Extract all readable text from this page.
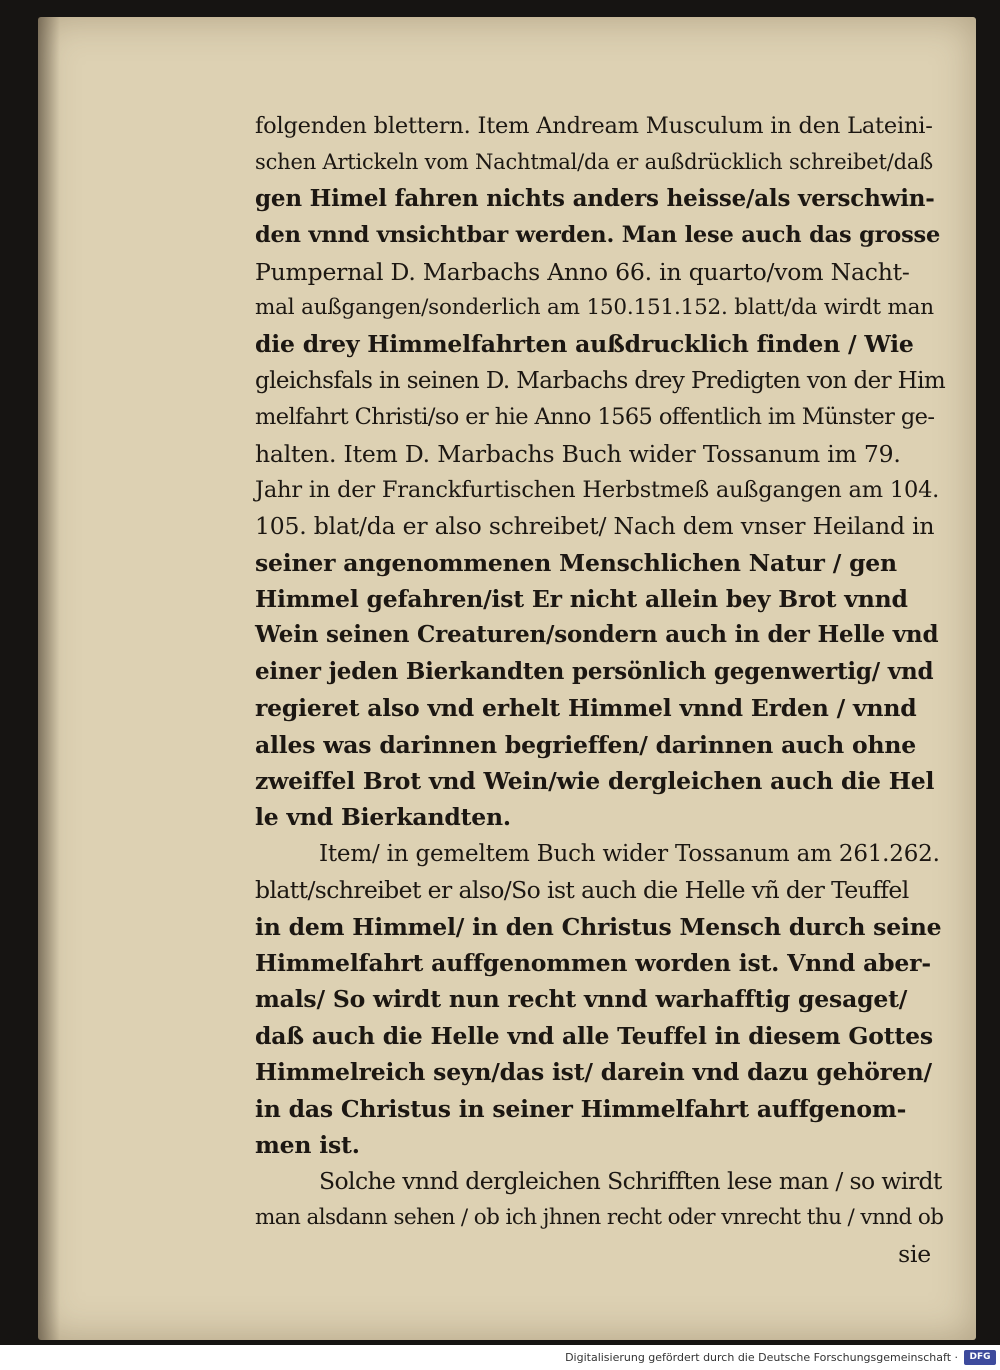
folgenden blettern. Item Andream Musculum in den Lateini-
schen Artickeln vom Nachtmal/da er außdrücklich schreibet/daß
gen Himel fahren nichts anders heisse/als verschwin-
den vnnd vnsichtbar werden. Man lese auch das grosse
Pumpernal D. Marbachs Anno 66. in quarto/vom Nacht-
mal außgangen/sonderlich am 150.151.152. blatt/da wirdt man
die drey Himmelfahrten außdrucklich finden / Wie
gleichsfals in seinen D. Marbachs drey Predigten von der Him
melfahrt Christi/so er hie Anno 1565 offentlich im Münster ge-
halten. Item D. Marbachs Buch wider Tossanum im 79.
Jahr in der Franckfurtischen Herbstmeß außgangen am 104.
105. blat/da er also schreibet/ Nach dem vnser Heiland in
seiner angenommenen Menschlichen Natur / gen
Himmel gefahren/ist Er nicht allein bey Brot vnnd
Wein seinen Creaturen/sondern auch in der Helle vnd
einer jeden Bierkandten persönlich gegenwertig/ vnd
regieret also vnd erhelt Himmel vnnd Erden / vnnd
alles was darinnen begrieffen/ darinnen auch ohne
zweiffel Brot vnd Wein/wie dergleichen auch die Hel
le vnd Bierkandten.
Item/ in gemeltem Buch wider Tossanum am 261.262.
blatt/schreibet er also/So ist auch die Helle vñ der Teuffel
in dem Himmel/ in den Christus Mensch durch seine
Himmelfahrt auffgenommen worden ist. Vnnd aber-
mals/ So wirdt nun recht vnnd warhafftig gesaget/
daß auch die Helle vnd alle Teuffel in diesem Gottes
Himmelreich seyn/das ist/ darein vnd dazu gehören/
in das Christus in seiner Himmelfahrt auffgenom-
men ist.
Solche vnnd dergleichen Schrifften lese man / so wirdt
man alsdann sehen / ob ich jhnen recht oder vnrecht thu / vnnd ob
sie
Digitalisierung gefördert durch die Deutsche Forschungsgemeinschaft ·	DFG
